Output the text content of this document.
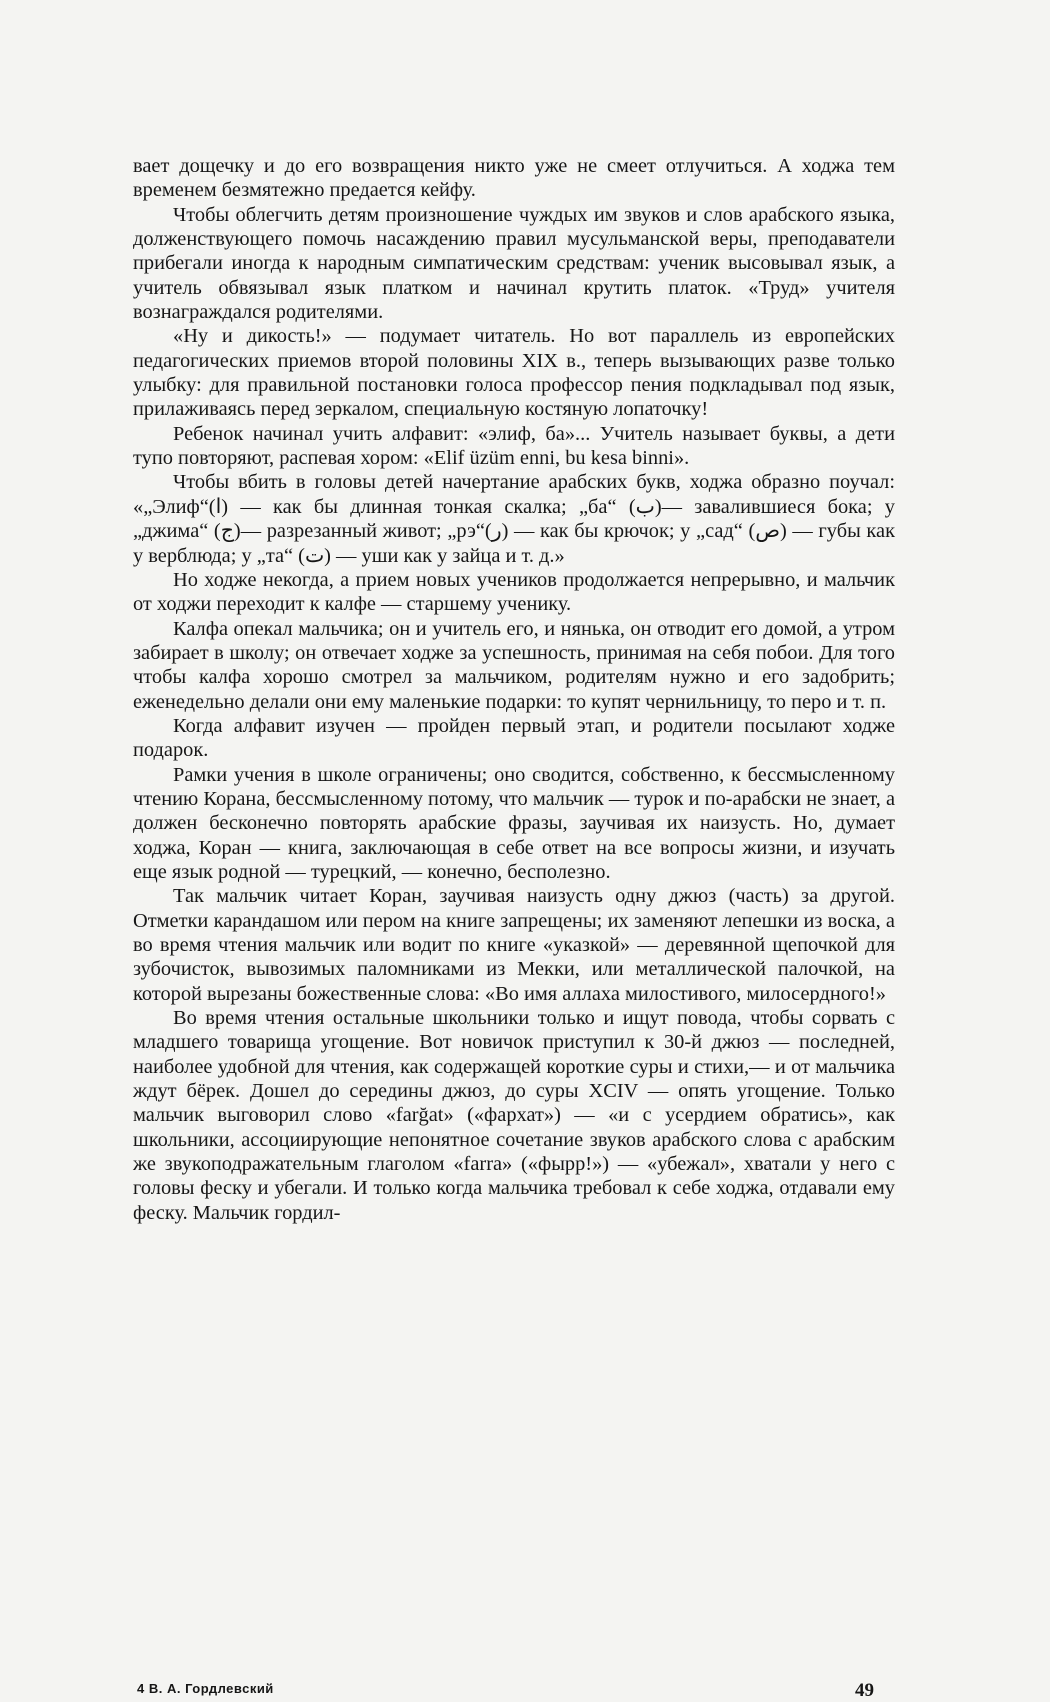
вает дощечку и до его возвращения никто уже не смеет отлучиться. А ходжа тем временем безмятежно предается кейфу.

Чтобы облегчить детям произношение чуждых им звуков и слов арабского языка, долженствующего помочь насаждению правил мусульманской веры, преподаватели прибегали иногда к народным симпатическим средствам: ученик высовывал язык, а учитель обвязывал язык платком и начинал крутить платок. «Труд» учителя вознаграждался родителями.

«Ну и дикость!» — подумает читатель. Но вот параллель из европейских педагогических приемов второй половины XIX в., теперь вызывающих разве только улыбку: для правильной постановки голоса профессор пения подкладывал под язык, прилаживаясь перед зеркалом, специальную костяную лопаточку!

Ребенок начинал учить алфавит: «элиф, ба»... Учитель называет буквы, а дети тупо повторяют, распевая хором: «Elif üzüm enni, bu kesa binni».

Чтобы вбить в головы детей начертание арабских букв, ходжа образно поучал: «„Элиф“(ا) — как бы длинная тонкая скалка; „ба“ (ب)— завалившиеся бока; у „джима“ (ج)— разрезанный живот; „рэ“(ر) — как бы крючок; у „сад“ (ص) — губы как у верблюда; у „та“ (ت) — уши как у зайца и т. д.»

Но ходже некогда, а прием новых учеников продолжается непрерывно, и мальчик от ходжи переходит к калфе — старшему ученику.

Калфа опекал мальчика; он и учитель его, и нянька, он отводит его домой, а утром забирает в школу; он отвечает ходже за успешность, принимая на себя побои. Для того чтобы калфа хорошо смотрел за мальчиком, родителям нужно и его задобрить; еженедельно делали они ему маленькие подарки: то купят чернильницу, то перо и т. п.

Когда алфавит изучен — пройден первый этап, и родители посылают ходже подарок.

Рамки учения в школе ограничены; оно сводится, собственно, к бессмысленному чтению Корана, бессмысленному потому, что мальчик — турок и по-арабски не знает, а должен бесконечно повторять арабские фразы, заучивая их наизусть. Но, думает ходжа, Коран — книга, заключающая в себе ответ на все вопросы жизни, и изучать еще язык родной — турецкий, — конечно, бесполезно.

Так мальчик читает Коран, заучивая наизусть одну джюз (часть) за другой. Отметки карандашом или пером на книге запрещены; их заменяют лепешки из воска, а во время чтения мальчик или водит по книге «указкой» — деревянной щепочкой для зубочисток, вывозимых паломниками из Мекки, или металлической палочкой, на которой вырезаны божественные слова: «Во имя аллаха милостивого, милосердного!»

Во время чтения остальные школьники только и ищут повода, чтобы сорвать с младшего товарища угощение. Вот новичок приступил к 30-й джюз — последней, наиболее удобной для чтения, как содержащей короткие суры и стихи,— и от мальчика ждут бёрек. Дошел до середины джюз, до суры XCIV — опять угощение. Только мальчик выговорил слово «farğat» («фархат») — «и с усердием обратись», как школьники, ассоциирующие непонятное сочетание звуков арабского слова с арабским же звукоподражательным глаголом «farra» («фырр!») — «убежал», хватали у него с головы феску и убегали. И только когда мальчика требовал к себе ходжа, отдавали ему феску. Мальчик гордил-

4 В. А. Гордлевский	49
